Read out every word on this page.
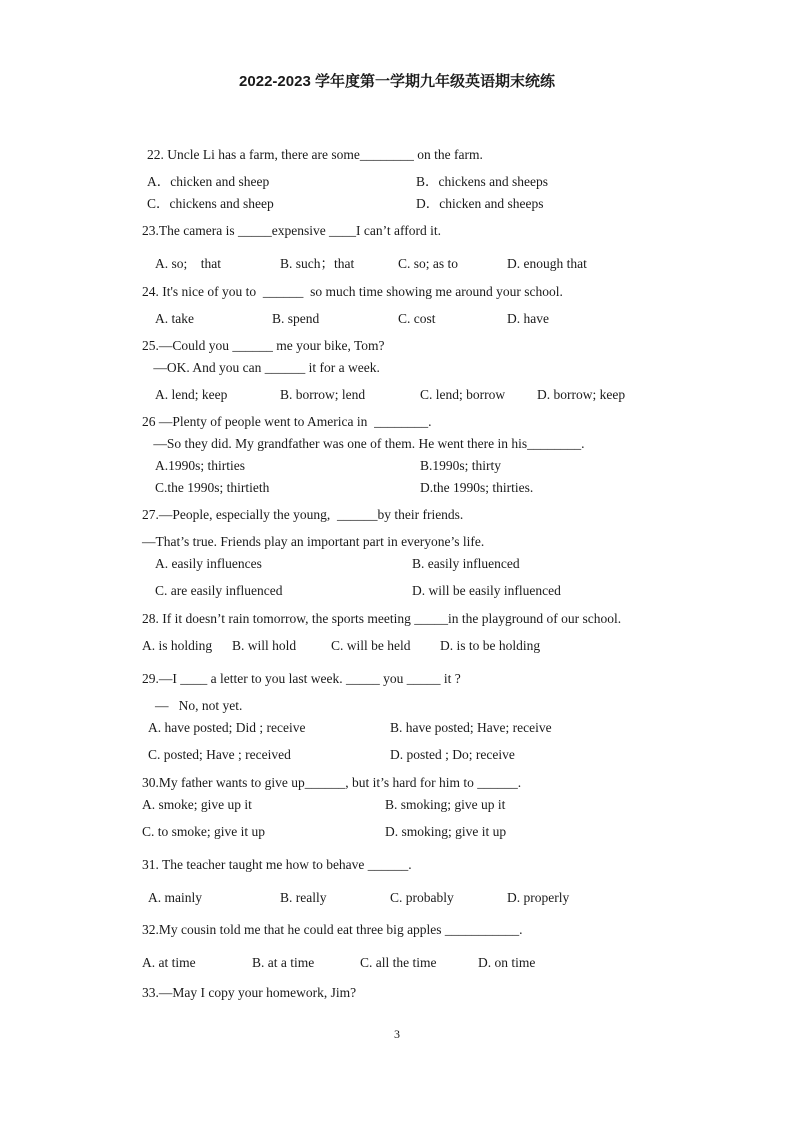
2022-2023 学年度第一学期九年级英语期末统练
22. Uncle Li has a farm, there are some________ on the farm.
A．chicken and sheep	B．chickens and sheeps
C．chickens and sheep	D．chicken and sheeps
23.The camera is _____expensive ____I can’t afford it.
A. so;    that	B. such；that	C. so; as to	D. enough that
24. It's nice of you to  ______  so much time showing me around your school.
A. take	B. spend	C. cost	D. have
25.—Could you ______ me your bike, Tom?
—OK. And you can ______ it for a week.
A. lend; keep	B. borrow; lend	C. lend; borrow D. borrow; keep
26 —Plenty of people went to America in  ________.
—So they did. My grandfather was one of them. He went there in his________.
A.1990s; thirties	B.1990s; thirty
C.the 1990s; thirtieth	D.the 1990s; thirties.
27.—People, especially the young,  ______by their friends.
—That’s true. Friends play an important part in everyone’s life.
A. easily influences	B. easily influenced
C. are easily influenced	D. will be easily influenced
28. If it doesn’t rain tomorrow, the sports meeting _____in the playground of our school.
A. is holding B. will hold	C. will be held D. is to be holding
29.—I ____ a letter to you last week. _____ you _____ it ?
—   No, not yet.
A. have posted; Did ; receive	B. have posted; Have; receive
C. posted; Have ; received	D. posted ; Do; receive
30.My father wants to give up______, but it’s hard for him to ______.
A. smoke; give up it	B. smoking; give up it
C. to smoke; give it up	D. smoking; give it up
31. The teacher taught me how to behave ______.
A. mainly	B. really	C. probably	D. properly
32.My cousin told me that he could eat three big apples ___________.
A. at time	B. at a time	C. all the time	D. on time
33.—May I copy your homework, Jim?
3
